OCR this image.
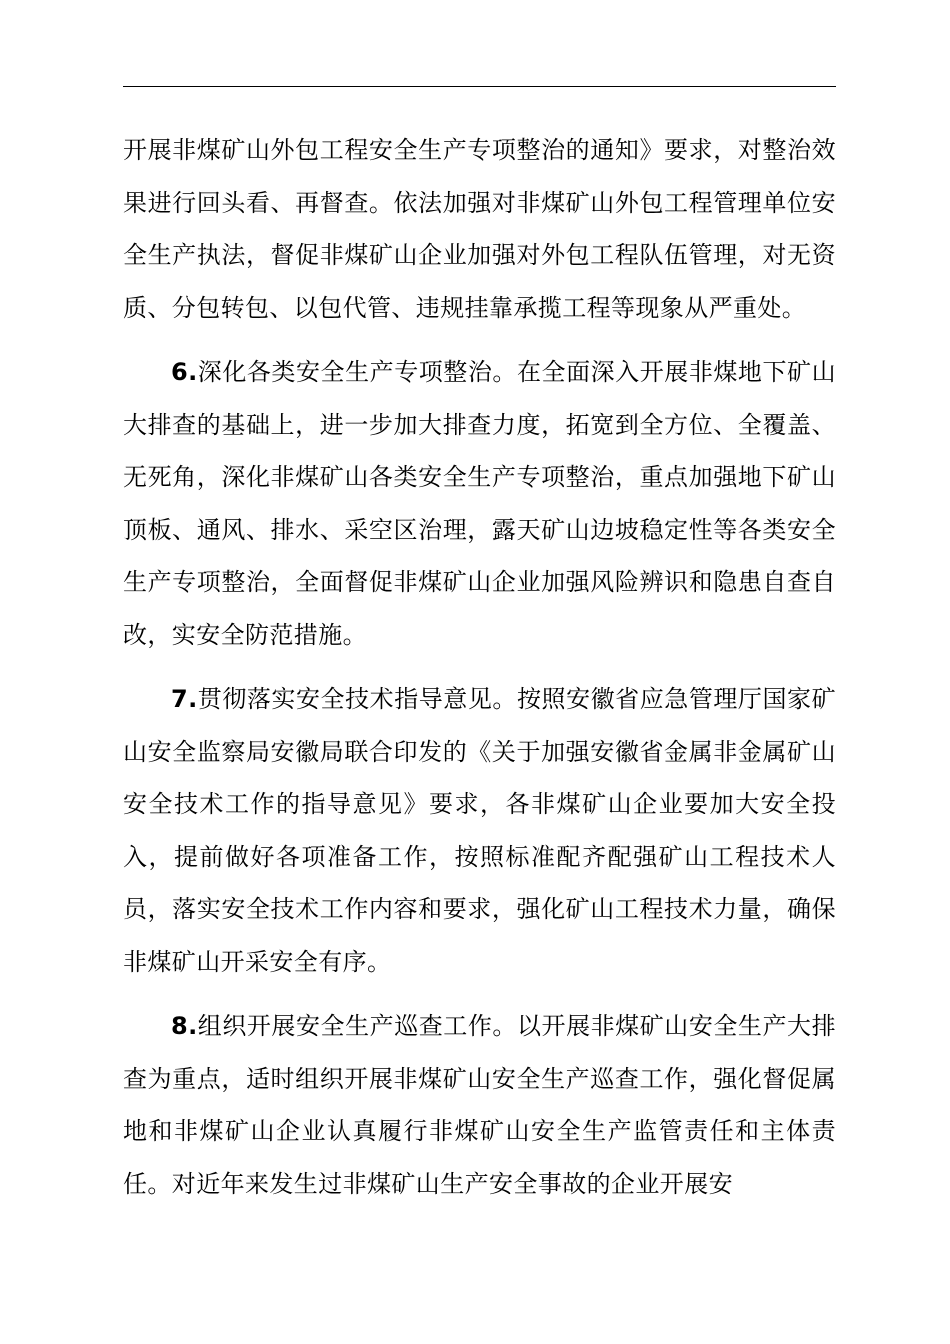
开展非煤矿山外包工程安全生产专项整治的通知》要求，对整治效果进行回头看、再督查。依法加强对非煤矿山外包工程管理单位安全生产执法，督促非煤矿山企业加强对外包工程队伍管理，对无资质、分包转包、以包代管、违规挂靠承揽工程等现象从严重处。

6.深化各类安全生产专项整治。在全面深入开展非煤地下矿山大排查的基础上，进一步加大排查力度，拓宽到全方位、全覆盖、无死角，深化非煤矿山各类安全生产专项整治，重点加强地下矿山顶板、通风、排水、采空区治理，露天矿山边坡稳定性等各类安全生产专项整治，全面督促非煤矿山企业加强风险辨识和隐患自查自改，实安全防范措施。

7.贯彻落实安全技术指导意见。按照安徽省应急管理厅国家矿山安全监察局安徽局联合印发的《关于加强安徽省金属非金属矿山安全技术工作的指导意见》要求，各非煤矿山企业要加大安全投入，提前做好各项准备工作，按照标准配齐配强矿山工程技术人员，落实安全技术工作内容和要求，强化矿山工程技术力量，确保非煤矿山开采安全有序。

8.组织开展安全生产巡查工作。以开展非煤矿山安全生产大排查为重点，适时组织开展非煤矿山安全生产巡查工作，强化督促属地和非煤矿山企业认真履行非煤矿山安全生产监管责任和主体责任。对近年来发生过非煤矿山生产安全事故的企业开展安
